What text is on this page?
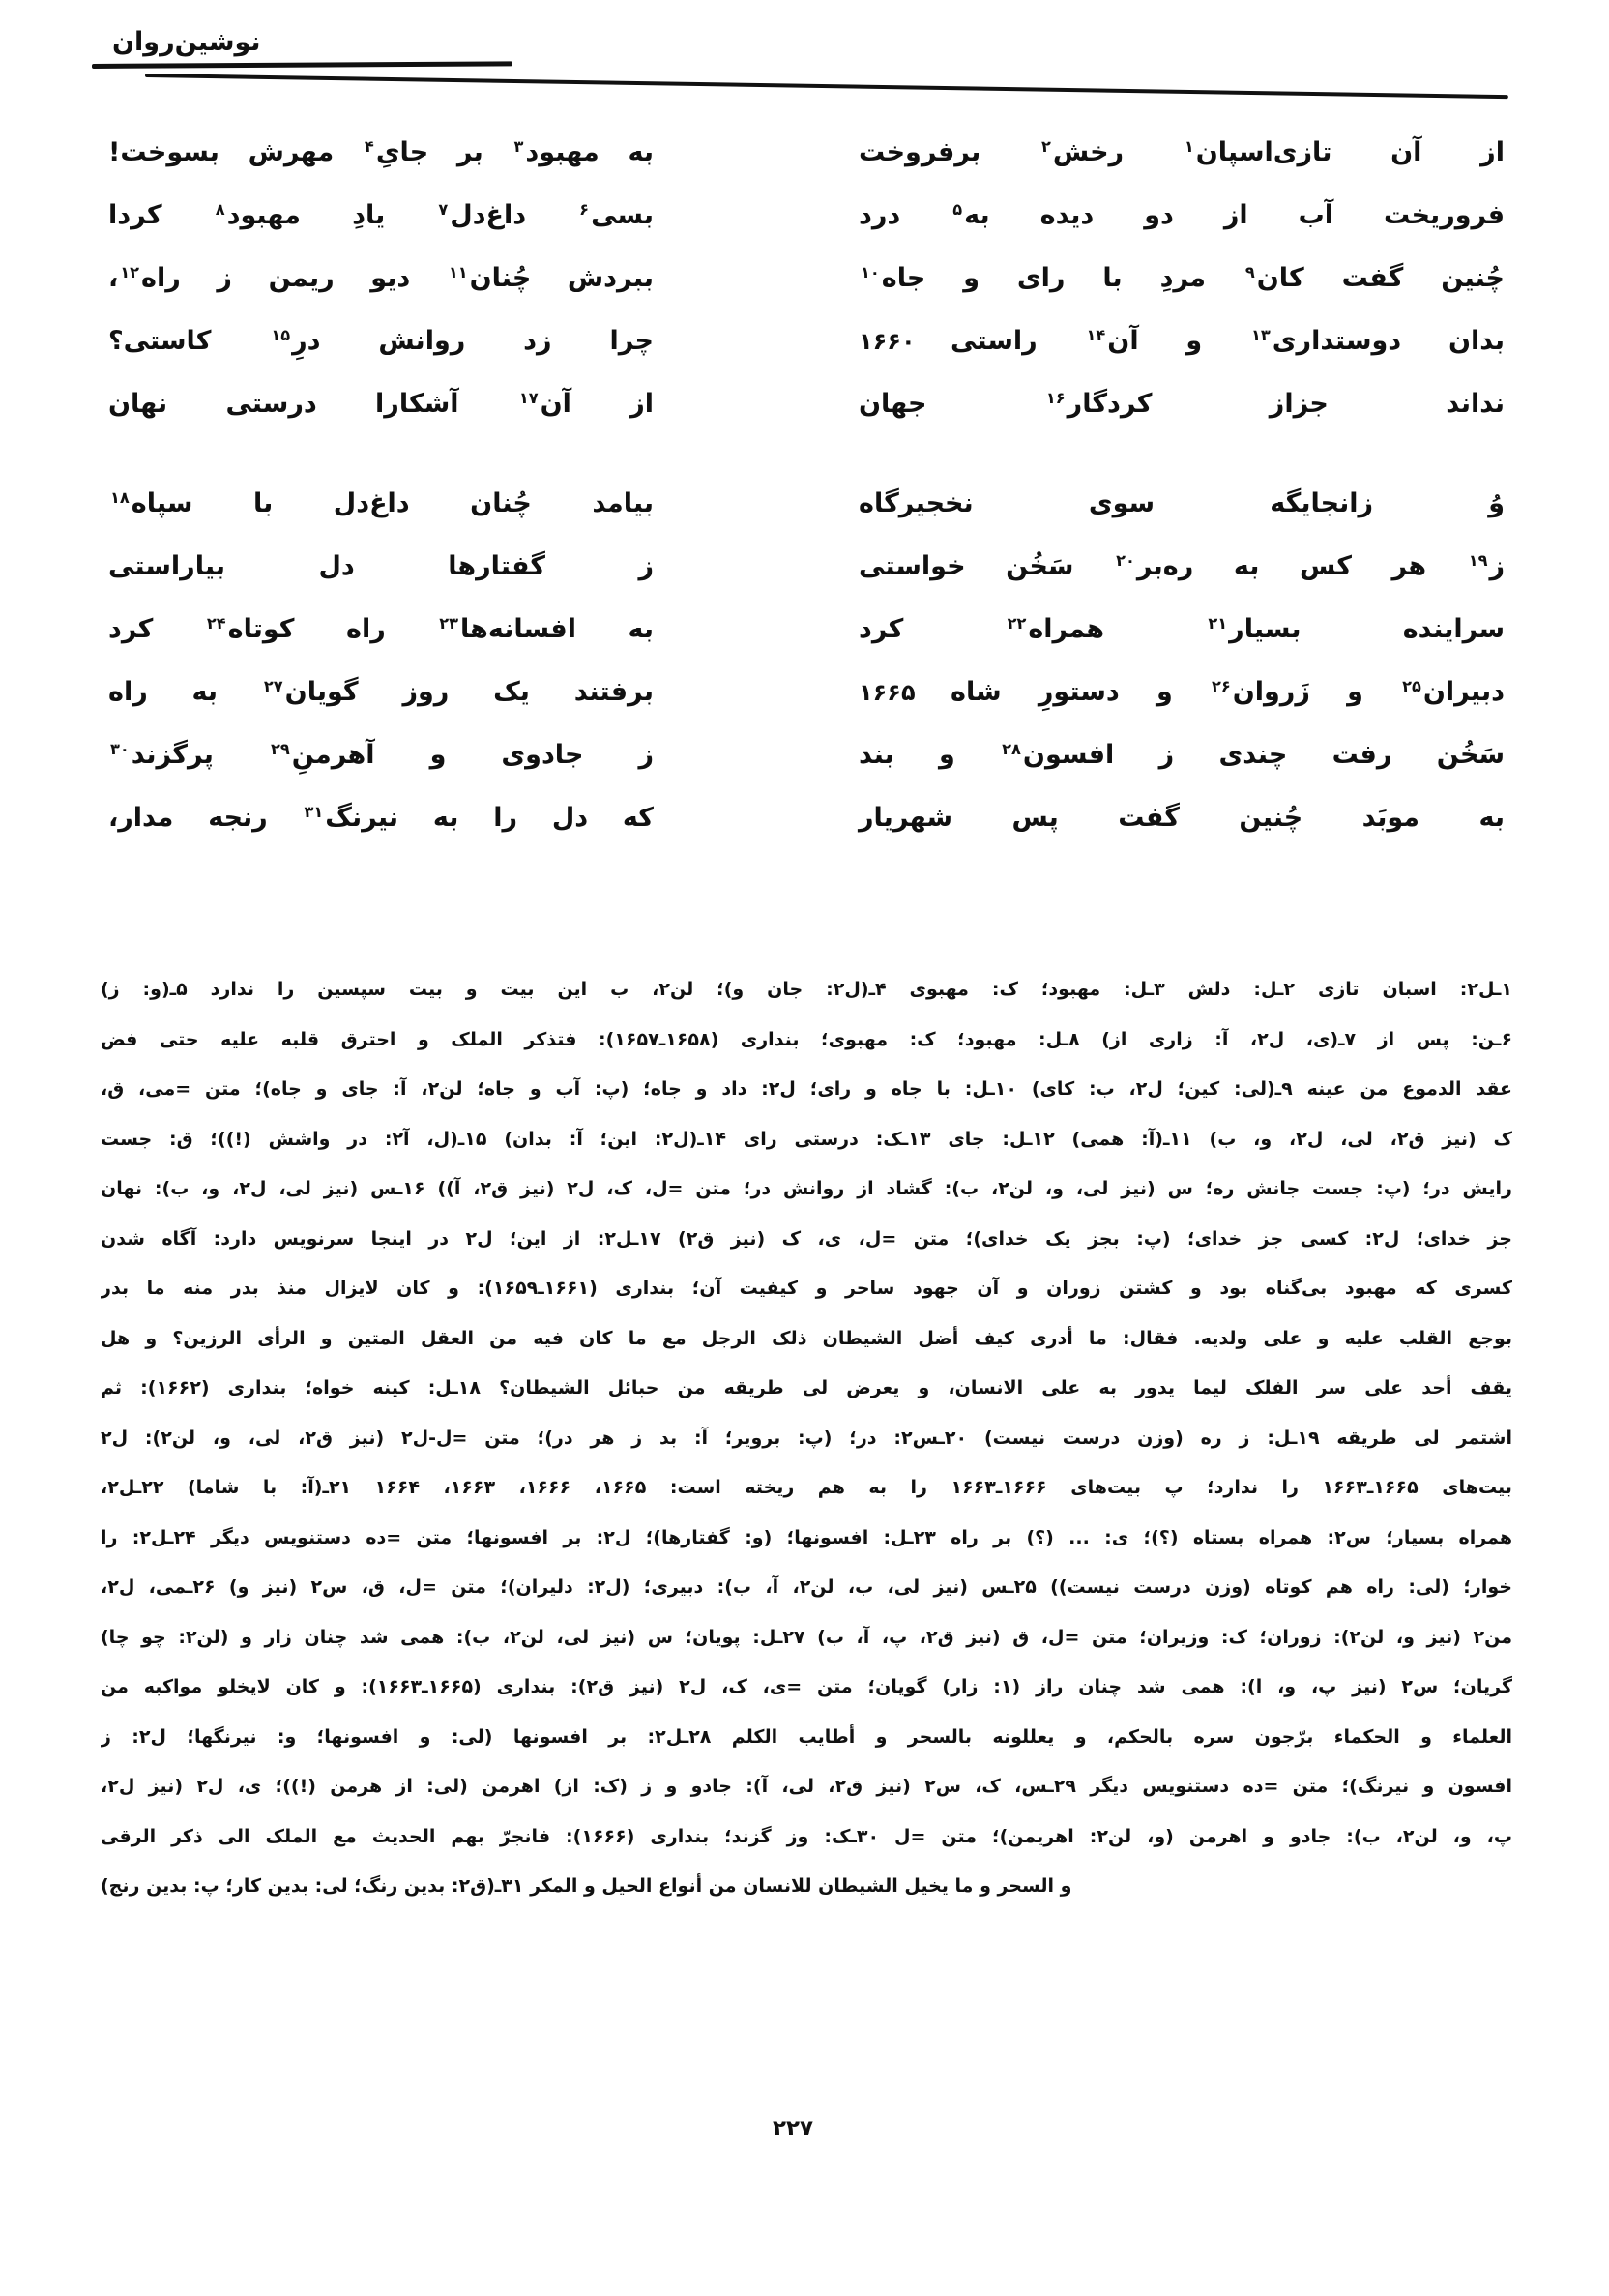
نوشین‌روان
از آن تازی‌اسپان$^۱$ رخش$^۲$ برفروخت
به مهبود$^۳$ بر جایِ$^۴$ مهرش بسوخت!
فروریخت آب از دو دیده به$^۵$ درد
بسی$^۶$ داغ‌دل$^۷$ یادِ مهبود$^۸$ کردا
چُنین گفت کان$^۹$ مردِ با رای و جاه$^{۱۰}$
ببردش چُنان$^{۱۱}$ دیو ریمن ز راه$^{۱۲}$،
۱۶۶۰	بدان دوستداری$^{۱۳}$ و آن$^{۱۴}$ راستی
چرا زد روانش درِ$^{۱۵}$ کاستی؟
نداند جزاز کردگار$^{۱۶}$ جهان
از آن$^{۱۷}$ آشکارا درستی نهان
وُ زانجایگه سوی نخجیرگاه
بیامد چُنان داغ‌دل با سپاه$^{۱۸}$
ز$^{۱۹}$ هر کس به ره‌بر$^{۲۰}$ سَخُن خواستی
ز گفتارها دل بیاراستی
سراینده بسیار$^{۲۱}$ همراه$^{۲۲}$ کرد
به افسانه‌ها$^{۲۳}$ راه کوتاه$^{۲۴}$ کرد
۱۶۶۵	دبیران$^{۲۵}$ و زَروان$^{۲۶}$ و دستورِ شاه
برفتند یک روز گویان$^{۲۷}$ به راه
سَخُن رفت چندی ز افسون$^{۲۸}$ و بند
ز جادوی و آهرمنِ$^{۲۹}$ پرگزند$^{۳۰}$
به موبَد چُنین گفت پس شهریار
که دل را به نیرنگ$^{۳۱}$ رنجه مدار،
۱ـل۲: اسبان تازی ۲ـل: دلش ۳ـل: مهبود؛ ک: مهبوی ۴ـ(ل۲: جان و)؛ لن۲، ب این بیت و بیت سپسین را ندارد ۵ـ(و: ز)
۶ـن: پس از ۷ـ(ی، ل۲، آ: زاری از) ۸ـل: مهبود؛ ک: مهبوی؛ بنداری (۱۶۵۸ـ۱۶۵۷): فتذکر الملک و احترق قلبه علیه حتی فض
عقد الدموع من عینه ۹ـ(لی: کین؛ ل۲، ب: کای) ۱۰ـل: با جاه و رای؛ ل۲: داد و جاه؛ (پ: آب و جاه؛ لن۲، آ: جای و جاه)؛ متن =می، ق،
ک (نیز ق۲، لی، ل۲، و، ب) ۱۱ـ(آ: همی) ۱۲ـل: جای ۱۳ـک: درستی رای ۱۴ـ(ل۲: این؛ آ: بدان) ۱۵ـ(ل، آ۲: در واشش (!))؛ ق: جست
رایش در؛ (پ: جست جانش ره؛ س (نیز لی، و، لن۲، ب): گشاد از روانش در؛ متن =ل، ک، ل۲ (نیز ق۲، آ)) ۱۶ـس (نیز لی، ل۲، و، ب): نهان
جز خدای؛ ل۲: کسی جز خدای؛ (پ: بجز یک خدای)؛ متن =ل، ی، ک (نیز ق۲) ۱۷ـل۲: از این؛ ل۲ در اینجا سرنویس دارد: آگاه شدن
کسری که مهبود بی‌گناه بود و کشتن زوران و آن جهود ساحر و کیفیت آن؛ بنداری (۱۶۶۱ـ۱۶۵۹): و کان لایزال منذ بدر منه ما بدر
بوجع القلب علیه و علی ولدیه. فقال: ما أدری کیف أضل الشیطان ذلک الرجل مع ما کان فیه من العقل المتین و الرأی الرزین؟ و هل
یقف أحد علی سر الفلک لیما یدور به علی الانسان، و یعرض لی طریقه من حبائل الشیطان؟ ۱۸ـل: کینه خواه؛ بنداری (۱۶۶۲): ثم
اشتمر لی طریقه ۱۹ـل: ز ره (وزن درست نیست) ۲۰ـس۲: در؛ (پ: برویر؛ آ: بد ز هر در)؛ متن =ل-ل۲ (نیز ق۲، لی، و، لن۲): ل۲
بیت‌های ۱۶۶۵ـ۱۶۶۳ را ندارد؛ پ بیت‌های ۱۶۶۶ـ۱۶۶۳ را به هم ریخته است: ۱۶۶۵، ۱۶۶۶، ۱۶۶۳، ۱۶۶۴ ۲۱ـ(آ: با شاما) ۲۲ـل۲،
همراه بسیار؛ س۲: همراه بستاه (؟)؛ ی: ... (؟) بر راه ۲۳ـل: افسونها؛ (و: گفتارها)؛ ل۲: بر افسونها؛ متن =ده دستنویس دیگر ۲۴ـل۲: را
خوار؛ (لی: راه هم کوتاه (وزن درست نیست)) ۲۵ـس (نیز لی، ب، لن۲، آ، ب): دبیری؛ (ل۲: دلیران)؛ متن =ل، ق، س۲ (نیز و) ۲۶ـمی، ل۲،
من۲ (نیز و، لن۲): زوران؛ ک: وزیران؛ متن =ل، ق (نیز ق۲، پ، آ، ب) ۲۷ـل: پویان؛ س (نیز لی، لن۲، ب): همی شد چنان زار و (لن۲: چو چا)
گریان؛ س۲ (نیز پ، و، ا): همی شد چنان راز (۱: زار) گویان؛ متن =ی، ک، ل۲ (نیز ق۲): بنداری (۱۶۶۵ـ۱۶۶۳): و کان لایخلو مواکبه من
العلماء و الحکماء برّجون سره بالحکم، و یعللونه بالسحر و أطایب الکلم ۲۸ـل۲: بر افسونها (لی: و افسونها؛ و: نیرنگها؛ ل۲: ز
افسون و نیرنگ)؛ متن =ده دستنویس دیگر ۲۹ـس، ک، س۲ (نیز ق۲، لی، آ): جادو و ز (ک: از) اهرمن (لی: از هرمن (!))؛ ی، ل۲ (نیز ل۲،
پ، و، لن۲، ب): جادو و اهرمن (و، لن۲: اهریمن)؛ متن =ل ۳۰ـک: وز گزند؛ بنداری (۱۶۶۶): فانجرّ بهم الحدیث مع الملک الی ذکر الرقی
و السحر و ما یخیل الشیطان للانسان من أنواع الحیل و المکر ۳۱ـ(ق۲: بدین رنگ؛ لی: بدین کار؛ پ: بدین رنج)
۲۲۷
